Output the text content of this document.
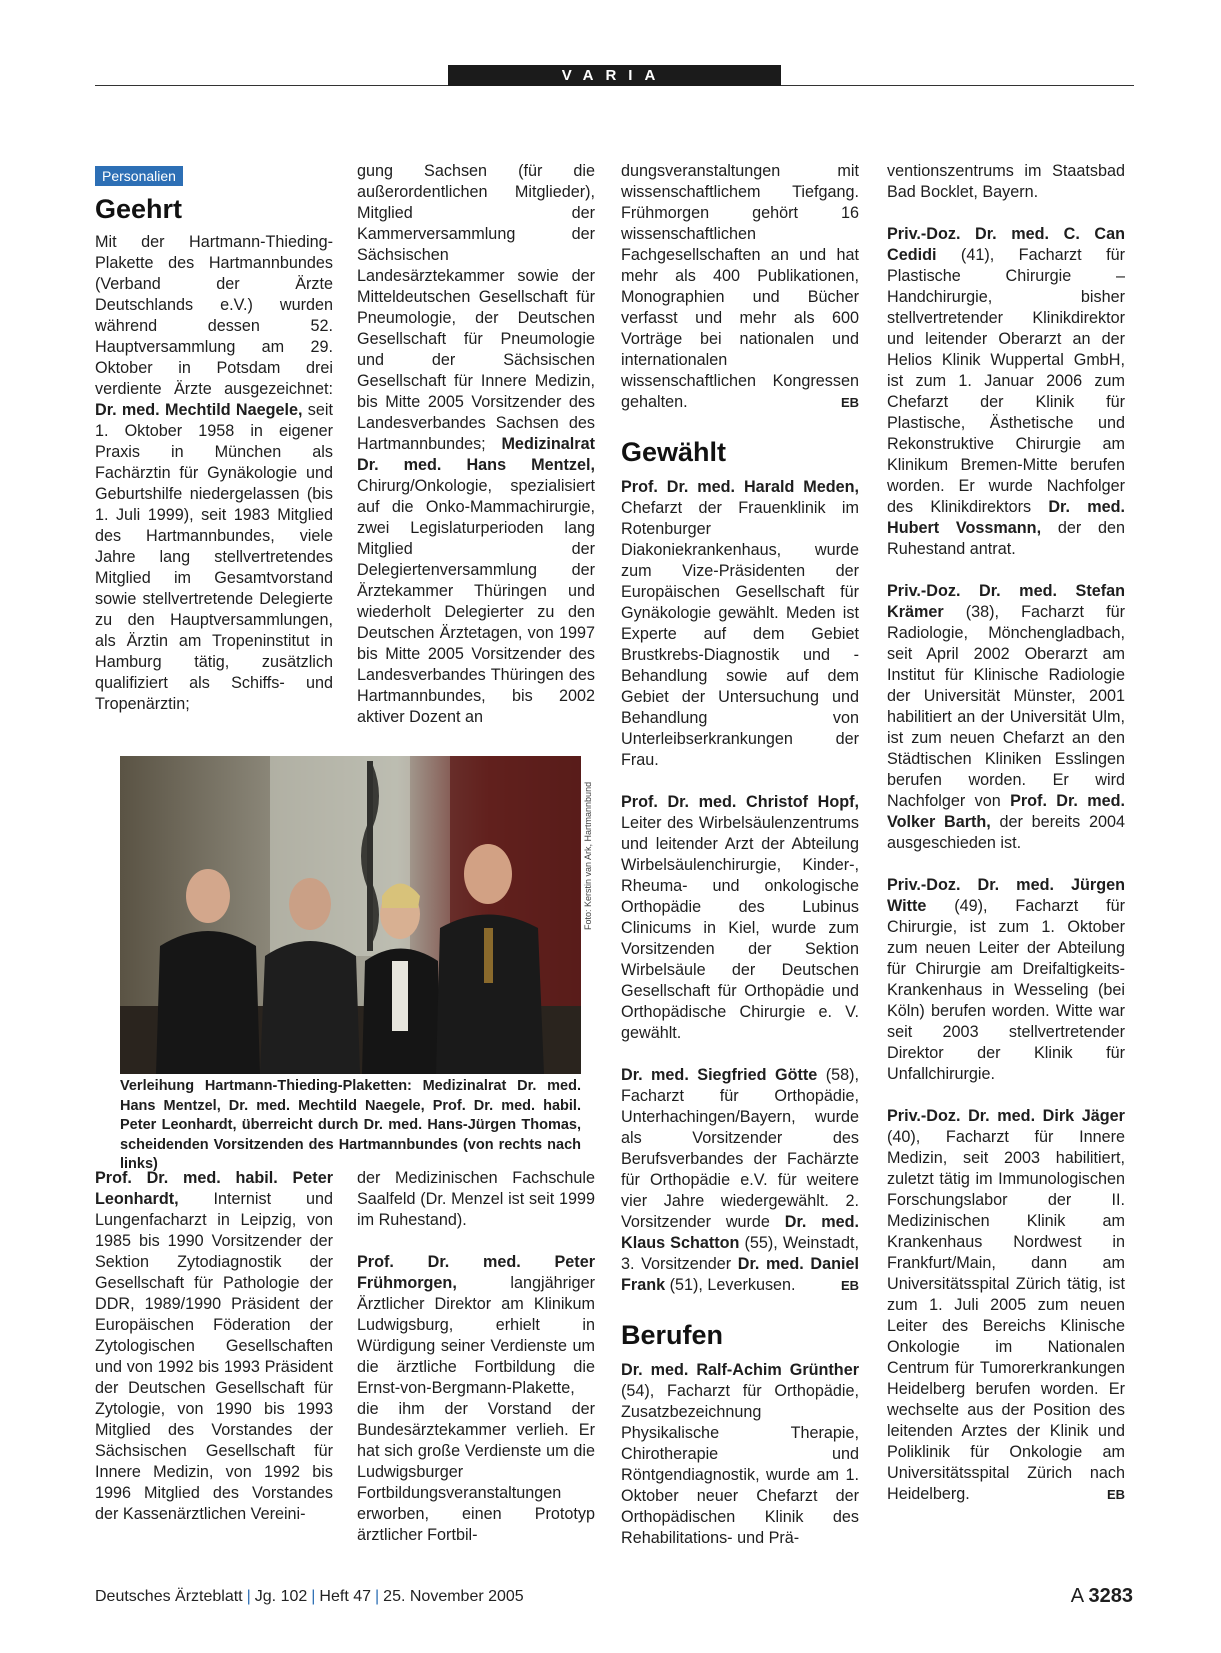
VARIA
Personalien
Geehrt

Mit der Hartmann-Thieding-Plakette des Hartmannbundes (Verband der Ärzte Deutschlands e.V.) wurden während dessen 52. Hauptversammlung am 29. Oktober in Potsdam drei verdiente Ärzte ausgezeichnet: Dr. med. Mechtild Naegele, seit 1. Oktober 1958 in eigener Praxis in München als Fachärztin für Gynäkologie und Geburtshilfe niedergelassen (bis 1. Juli 1999), seit 1983 Mitglied des Hartmannbundes, viele Jahre lang stellvertretendes Mitglied im Gesamtvorstand sowie stellvertretende Delegierte zu den Hauptversammlungen, als Ärztin am Tropeninstitut in Hamburg tätig, zusätzlich qualifiziert als Schiffs- und Tropenärztin;

gung Sachsen (für die außerordentlichen Mitglieder), Mitglied der Kammerversammlung der Sächsischen Landesärztekammer sowie der Mitteldeutschen Gesellschaft für Pneumologie, der Deutschen Gesellschaft für Pneumologie und der Sächsischen Gesellschaft für Innere Medizin, bis Mitte 2005 Vorsitzender des Landesverbandes Sachsen des Hartmannbundes; Medizinalrat Dr. med. Hans Mentzel, Chirurg/Onkologie, spezialisiert auf die Onko-Mammachirurgie, zwei Legislaturperioden lang Mitglied der Delegiertenversammlung der Ärztekammer Thüringen und wiederholt Delegierter zu den Deutschen Ärztetagen, von 1997 bis Mitte 2005 Vorsitzender des Landesverbandes Thüringen des Hartmannbundes, bis 2002 aktiver Dozent an

Foto: Kerstin van Ark, Hartmannbund
Verleihung Hartmann-Thieding-Plaketten: Medizinalrat Dr. med. Hans Mentzel, Dr. med. Mechtild Naegele, Prof. Dr. med. habil. Peter Leonhardt, überreicht durch Dr. med. Hans-Jürgen Thomas, scheidenden Vorsitzenden des Hartmannbundes (von rechts nach links)

Prof. Dr. med. habil. Peter Leonhardt, Internist und Lungenfacharzt in Leipzig, von 1985 bis 1990 Vorsitzender der Sektion Zytodiagnostik der Gesellschaft für Pathologie der DDR, 1989/1990 Präsident der Europäischen Föderation der Zytologischen Gesellschaften und von 1992 bis 1993 Präsident der Deutschen Gesellschaft für Zytologie, von 1990 bis 1993 Mitglied des Vorstandes der Sächsischen Gesellschaft für Innere Medizin, von 1992 bis 1996 Mitglied des Vorstandes der Kassenärztlichen Vereini-

der Medizinischen Fachschule Saalfeld (Dr. Menzel ist seit 1999 im Ruhestand).

Prof. Dr. med. Peter Frühmorgen, langjähriger Ärztlicher Direktor am Klinikum Ludwigsburg, erhielt in Würdigung seiner Verdienste um die ärztliche Fortbildung die Ernst-von-Bergmann-Plakette, die ihm der Vorstand der Bundesärztekammer verlieh. Er hat sich große Verdienste um die Ludwigsburger Fortbildungsveranstaltungen erworben, einen Prototyp ärztlicher Fortbil-

dungsveranstaltungen mit wissenschaftlichem Tiefgang. Frühmorgen gehört 16 wissenschaftlichen Fachgesellschaften an und hat mehr als 400 Publikationen, Monographien und Bücher verfasst und mehr als 600 Vorträge bei nationalen und internationalen wissenschaftlichen Kongressen gehalten.	EB

Gewählt

Prof. Dr. med. Harald Meden, Chefarzt der Frauenklinik im Rotenburger Diakoniekrankenhaus, wurde zum Vize-Präsidenten der Europäischen Gesellschaft für Gynäkologie gewählt. Meden ist Experte auf dem Gebiet Brustkrebs-Diagnostik und -Behandlung sowie auf dem Gebiet der Untersuchung und Behandlung von Unterleibserkrankungen der Frau.

Prof. Dr. med. Christof Hopf, Leiter des Wirbelsäulenzentrums und leitender Arzt der Abteilung Wirbelsäulenchirurgie, Kinder-, Rheuma- und onkologische Orthopädie des Lubinus Clinicums in Kiel, wurde zum Vorsitzenden der Sektion Wirbelsäule der Deutschen Gesellschaft für Orthopädie und Orthopädische Chirurgie e. V. gewählt.

Dr. med. Siegfried Götte (58), Facharzt für Orthopädie, Unterhachingen/Bayern, wurde als Vorsitzender des Berufsverbandes der Fachärzte für Orthopädie e.V. für weitere vier Jahre wiedergewählt. 2. Vorsitzender wurde Dr. med. Klaus Schatton (55), Weinstadt, 3. Vorsitzender Dr. med. Daniel Frank (51), Leverkusen.	EB

Berufen

Dr. med. Ralf-Achim Grünther (54), Facharzt für Orthopädie, Zusatzbezeichnung Physikalische Therapie, Chirotherapie und Röntgendiagnostik, wurde am 1. Oktober neuer Chefarzt der Orthopädischen Klinik des Rehabilitations- und Prä-

ventionszentrums im Staatsbad Bad Bocklet, Bayern.

Priv.-Doz. Dr. med. C. Can Cedidi (41), Facharzt für Plastische Chirurgie – Handchirurgie, bisher stellvertretender Klinikdirektor und leitender Oberarzt an der Helios Klinik Wuppertal GmbH, ist zum 1. Januar 2006 zum Chefarzt der Klinik für Plastische, Ästhetische und Rekonstruktive Chirurgie am Klinikum Bremen-Mitte berufen worden. Er wurde Nachfolger des Klinikdirektors Dr. med. Hubert Vossmann, der den Ruhestand antrat.

Priv.-Doz. Dr. med. Stefan Krämer (38), Facharzt für Radiologie, Mönchengladbach, seit April 2002 Oberarzt am Institut für Klinische Radiologie der Universität Münster, 2001 habilitiert an der Universität Ulm, ist zum neuen Chefarzt an den Städtischen Kliniken Esslingen berufen worden. Er wird Nachfolger von Prof. Dr. med. Volker Barth, der bereits 2004 ausgeschieden ist.

Priv.-Doz. Dr. med. Jürgen Witte (49), Facharzt für Chirurgie, ist zum 1. Oktober zum neuen Leiter der Abteilung für Chirurgie am Dreifaltigkeits-Krankenhaus in Wesseling (bei Köln) berufen worden. Witte war seit 2003 stellvertretender Direktor der Klinik für Unfallchirurgie.

Priv.-Doz. Dr. med. Dirk Jäger (40), Facharzt für Innere Medizin, seit 2003 habilitiert, zuletzt tätig im Immunologischen Forschungslabor der II. Medizinischen Klinik am Krankenhaus Nordwest in Frankfurt/Main, dann am Universitätsspital Zürich tätig, ist zum 1. Juli 2005 zum neuen Leiter des Bereichs Klinische Onkologie im Nationalen Centrum für Tumorerkrankungen Heidelberg berufen worden. Er wechselte aus der Position des leitenden Arztes der Klinik und Poliklinik für Onkologie am Universitätsspital Zürich nach Heidelberg.	EB

Deutsches Ärzteblatt | Jg. 102 | Heft 47 | 25. November 2005	A 3283
